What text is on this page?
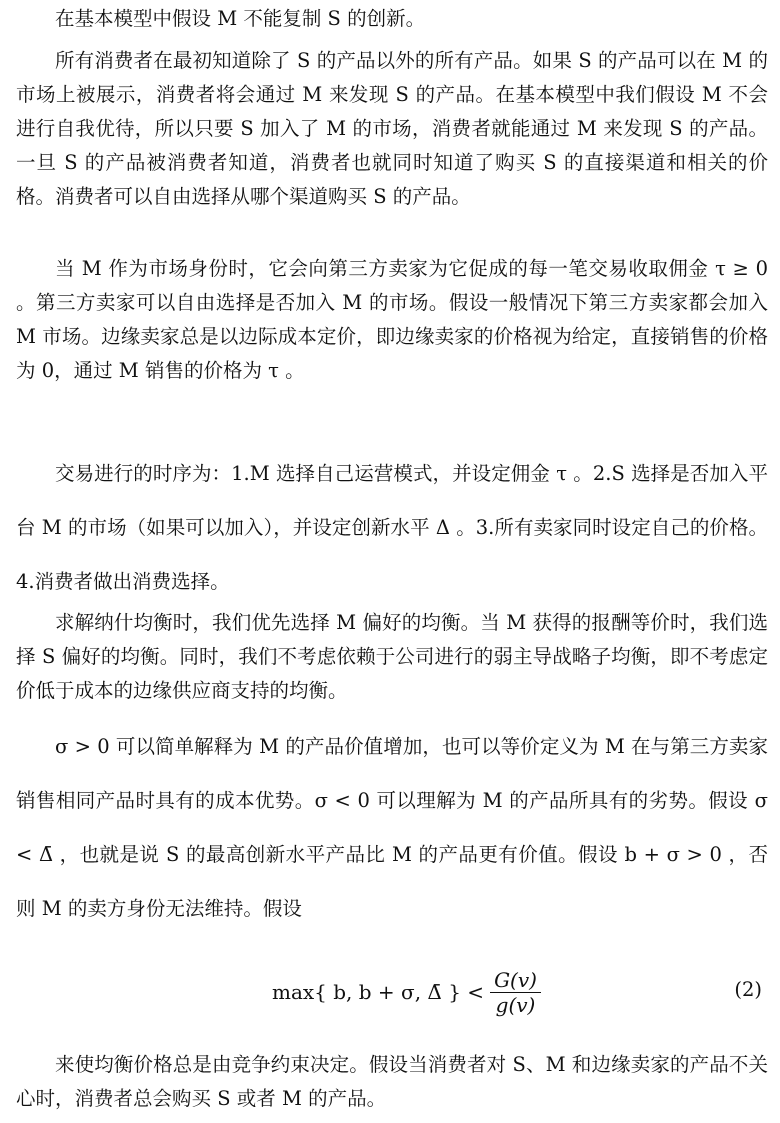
在基本模型中假设 M 不能复制 S 的创新。

所有消费者在最初知道除了 S 的产品以外的所有产品。如果 S 的产品可以在 M 的市场上被展示，消费者将会通过 M 来发现 S 的产品。在基本模型中我们假设 M 不会进行自我优待，所以只要 S 加入了 M 的市场，消费者就能通过 M 来发现 S 的产品。一旦 S 的产品被消费者知道，消费者也就同时知道了购买 S 的直接渠道和相关的价格。消费者可以自由选择从哪个渠道购买 S 的产品。

当 M 作为市场身份时，它会向第三方卖家为它促成的每一笔交易收取佣金 τ ≥ 0 。第三方卖家可以自由选择是否加入 M 的市场。假设一般情况下第三方卖家都会加入 M 市场。边缘卖家总是以边际成本定价，即边缘卖家的价格视为给定，直接销售的价格为 0，通过 M 销售的价格为 τ 。

交易进行的时序为：1.M 选择自己运营模式，并设定佣金 τ 。2.S 选择是否加入平台 M 的市场（如果可以加入），并设定创新水平 Δ 。3.所有卖家同时设定自己的价格。4.消费者做出消费选择。

求解纳什均衡时，我们优先选择 M 偏好的均衡。当 M 获得的报酬等价时，我们选择 S 偏好的均衡。同时，我们不考虑依赖于公司进行的弱主导战略子均衡，即不考虑定价低于成本的边缘供应商支持的均衡。

σ > 0 可以简单解释为 M 的产品价值增加，也可以等价定义为 M 在与第三方卖家销售相同产品时具有的成本优势。σ < 0 可以理解为 M 的产品所具有的劣势。假设 σ < Δ̄ ，也就是说 S 的最高创新水平产品比 M 的产品更有价值。假设 b + σ > 0 ，否则 M 的卖方身份无法维持。假设

max{ b, b + σ, Δ̄ } < $\frac{G(v)}{g(v)}$	(2)

来使均衡价格总是由竞争约束决定。假设当消费者对 S、M 和边缘卖家的产品不关心时，消费者总会购买 S 或者 M 的产品。
